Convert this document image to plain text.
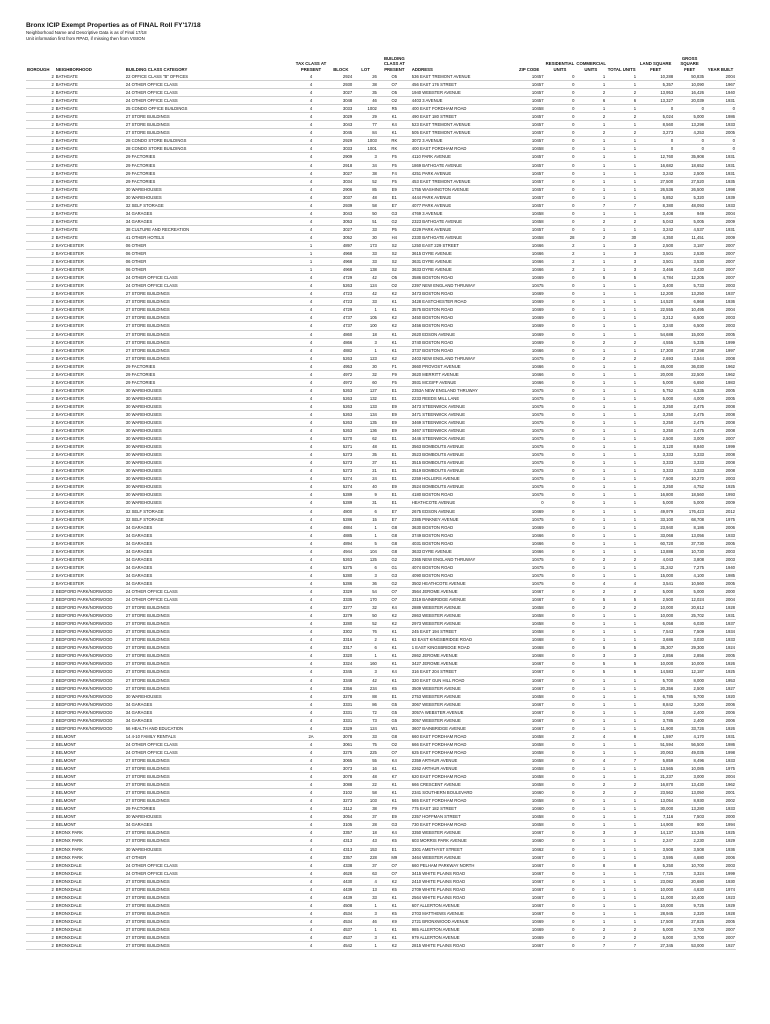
Bronx ICIP Exempt Properties as of FINAL Roll FY'17/18
Neighborhood Name and Descriptive Data is as of Final 17/18
Unit information first from RPAD, if missing then from VISION
BOROUGH	NEIGHBORHOOD	BUILDING CLASS CATEGORY	TAX CLASS AT PRESENT	BLOCK	LOT	BUILDING CLASS AT PRESENT	ADDRESS	ZIP CODE	RESIDENTIAL UNITS	COMMERCIAL UNITS	TOTAL UNITS	LAND SQUARE FEET	GROSS SQUARE FEET	YEAR BUILT
2	BATHGATE	22 OFFICE CLASS "B" OFFICES	4	2924	26	O5	536 EAST TREMONT AVENUE	10457	0	1	1	10,288	50,835	2004
2	BATHGATE	24 OTHER OFFICE CLASS	4	2930	38	O7	456 EAST 176 STREET	10457	0	1	1	5,357	10,090	1967
2	BATHGATE	24 OTHER OFFICE CLASS	4	3027	35	O5	1940 WEBSTER AVENUE	10457	0	2	2	13,953	16,426	1940
2	BATHGATE	24 OTHER OFFICE CLASS	4	3048	46	O2	4403 3 AVENUE	10457	0	6	6	13,327	20,039	1931
2	BATHGATE	25 CONDO OFFICE BUILDINGS	4	3033	1002	R5	400 EAST FORDHAM ROAD	10458	0	1	1	0	0	0
2	BATHGATE	27 STORE BUILDINGS	4	3029	29	K1	490 EAST 180 STREET	10457	0	2	2	5,024	5,000	1986
2	BATHGATE	27 STORE BUILDINGS	4	3043	77	K4	523 EAST TREMONT AVENUE	10457	0	1	1	8,560	13,298	1933
2	BATHGATE	27 STORE BUILDINGS	4	3045	84	K1	505 EAST TREMONT AVENUE	10457	0	2	2	3,273	4,253	2005
2	BATHGATE	28 CONDO STORE BUILDINGS	4	2929	1003	RK	3072 3 AVENUE	10457	0	1	1	0	0	0
2	BATHGATE	28 CONDO STORE BUILDINGS	4	3033	1001	RK	400 EAST FORDHAM ROAD	10458	0	1	1	0	0	0
2	BATHGATE	29 FACTORIES	4	2909	3	F5	4110 PARK AVENUE	10457	0	1	1	12,760	35,908	1931
2	BATHGATE	29 FACTORIES	4	2918	34	F5	1869 BATHGATE AVENUE	10457	0	1	1	16,682	18,652	1931
2	BATHGATE	29 FACTORIES	4	3027	38	F4	4251 PARK AVENUE	10457	0	1	1	3,242	2,500	1931
2	BATHGATE	29 FACTORIES	4	3034	52	F5	453 EAST TREMONT AVENUE	10457	0	1	1	27,500	27,520	1935
2	BATHGATE	30 WAREHOUSES	4	2906	85	E9	1755 WASHINGTON AVENUE	10457	0	1	1	26,536	26,500	1998
2	BATHGATE	30 WAREHOUSES	4	3037	48	E1	4444 PARK AVENUE	10457	0	1	1	5,852	5,320	1939
2	BATHGATE	32 SELF STORAGE	4	2939	58	E7	4077 PARK AVENUE	10457	0	7	7	8,380	48,093	1933
2	BATHGATE	34 GARAGES	4	3043	50	G3	4769 3 AVENUE	10458	0	1	1	3,408	949	2004
2	BATHGATE	34 GARAGES	4	3053	51	G2	2323 BATHGATE AVENUE	10458	0	2	2	5,043	5,005	2009
2	BATHGATE	38 CULTURE AND RECREATION	4	3027	33	P5	4229 PARK AVENUE	10457	0	1	1	3,242	4,537	1931
2	BATHGATE	41 OTHER HOTELS	4	3052	30	H4	2330 BATHGATE AVENUE	10458	28	2	30	4,350	11,451	2009
2	BAYCHESTER	06 OTHER	1	4897	173	S2	1250 EAST 229 STREET	10466	2	1	3	2,500	3,187	2007
2	BAYCHESTER	06 OTHER	1	4968	33	S2	3615 DYRE AVENUE	10466	2	1	3	3,501	2,530	2007
2	BAYCHESTER	06 OTHER	1	4968	33	S2	3631 DYRE AVENUE	10466	2	1	3	3,501	3,530	2007
2	BAYCHESTER	06 OTHER	1	4968	138	S2	3633 DYRE AVENUE	10466	2	1	3	3,466	3,430	2007
2	BAYCHESTER	24 OTHER OFFICE CLASS	4	4729	42	O5	3586 BOSTON ROAD	10469	0	5	5	4,784	12,205	2007
2	BAYCHESTER	24 OTHER OFFICE CLASS	4	5263	124	O2	2397 NEW ENGLAND THRUWAY	10475	0	1	1	3,400	5,733	2003
2	BAYCHESTER	27 STORE BUILDINGS	4	4723	42	K2	3473 BOSTON ROAD	10469	0	1	1	12,200	13,250	1937
2	BAYCHESTER	27 STORE BUILDINGS	4	4723	33	K1	3428 EASTCHESTER ROAD	10469	0	1	1	14,520	6,868	1936
2	BAYCHESTER	27 STORE BUILDINGS	4	4729	1	K1	3575 BOSTON ROAD	10469	0	1	1	22,555	10,495	2004
2	BAYCHESTER	27 STORE BUILDINGS	4	4737	105	K2	3450 BOSTON ROAD	10469	0	1	1	3,212	6,500	2003
2	BAYCHESTER	27 STORE BUILDINGS	4	4737	100	K2	3456 BOSTON ROAD	10469	0	1	1	3,240	6,500	2003
2	BAYCHESTER	27 STORE BUILDINGS	4	4860	18	K1	2620 EDSON AVENUE	10469	0	1	1	54,688	15,000	2005
2	BAYCHESTER	27 STORE BUILDINGS	4	4866	3	K1	3740 BOSTON ROAD	10469	0	2	2	4,555	5,335	1999
2	BAYCHESTER	27 STORE BUILDINGS	4	4882	1	K1	3737 BOSTON ROAD	10466	0	1	1	17,300	17,298	1997
2	BAYCHESTER	27 STORE BUILDINGS	4	5263	123	K2	2403 NEW ENGLAND THRUWAY	10475	0	2	2	2,693	3,544	2008
2	BAYCHESTER	29 FACTORIES	4	4953	30	F1	3660 PROVOST AVENUE	10466	0	1	1	45,000	36,030	1962
2	BAYCHESTER	29 FACTORIES	4	4972	32	F9	3620 MERRITT AVENUE	10466	0	1	1	20,000	22,500	1962
2	BAYCHESTER	29 FACTORIES	4	4972	60	F5	3931 MCGIFF AVENUE	10466	0	1	1	5,000	6,650	1983
2	BAYCHESTER	30 WAREHOUSES	4	5263	127	E1	2353A NEW ENGLAND THRUWAY	10475	0	1	1	5,752	6,335	2005
2	BAYCHESTER	30 WAREHOUSES	4	5263	132	E1	2233 REEDS MILL LANE	10475	0	1	1	5,000	4,000	2005
2	BAYCHESTER	30 WAREHOUSES	4	5263	133	E9	3473 STEENWICK AVENUE	10475	0	1	1	3,250	2,475	2008
2	BAYCHESTER	30 WAREHOUSES	4	5263	134	E9	3471 STEENWICK AVENUE	10475	0	1	1	3,250	2,475	2008
2	BAYCHESTER	30 WAREHOUSES	4	5263	135	E9	3469 STEENWICK AVENUE	10475	0	1	1	3,250	2,475	2008
2	BAYCHESTER	30 WAREHOUSES	4	5263	136	E9	3467 STEENWICK AVENUE	10475	0	1	1	3,250	2,475	2008
2	BAYCHESTER	30 WAREHOUSES	4	5270	62	E1	3446 STEENWICK AVENUE	10475	0	1	1	2,500	3,000	2007
2	BAYCHESTER	30 WAREHOUSES	4	5271	48	E1	3563 BOMBOUTS AVENUE	10475	0	1	1	3,120	8,840	1999
2	BAYCHESTER	30 WAREHOUSES	4	5273	35	E1	3523 BOMBOUTS AVENUE	10475	0	1	1	3,333	3,333	2008
2	BAYCHESTER	30 WAREHOUSES	4	5273	37	E1	3515 BOMBOUTS AVENUE	10475	0	1	1	3,333	3,333	2008
2	BAYCHESTER	30 WAREHOUSES	4	5273	21	E1	3519 BOMBOUTS AVENUE	10475	0	1	1	3,333	3,333	2008
2	BAYCHESTER	30 WAREHOUSES	4	5274	24	E1	2259 HOLLERS AVENUE	10475	0	1	1	7,500	10,270	2003
2	BAYCHESTER	30 WAREHOUSES	4	5274	40	E9	3524 BOMBOUTS AVENUE	10475	0	1	1	3,250	4,752	1925
2	BAYCHESTER	30 WAREHOUSES	4	5289	9	E1	4180 BOSTON ROAD	10475	0	1	1	16,800	18,560	1993
2	BAYCHESTER	30 WAREHOUSES	4	5289	31	E1	HEATHCOTE AVENUE	0	0	1	1	5,000	5,000	2009
2	BAYCHESTER	32 SELF STORAGE	4	4800	6	E7	2675 EDSON AVENUE	10469	0	1	1	49,979	176,423	2012
2	BAYCHESTER	32 SELF STORAGE	4	5286	15	E7	2385 PINKNEY AVENUE	10475	0	1	1	33,100	68,708	1975
2	BAYCHESTER	34 GARAGES	4	4884	1	G8	3630 BOSTON ROAD	10469	0	1	1	23,940	8,186	2006
2	BAYCHESTER	34 GARAGES	4	4885	1	G8	3749 BOSTON ROAD	10466	0	1	1	33,068	13,056	1933
2	BAYCHESTER	34 GARAGES	4	4894	5	G8	4031 BOSTON ROAD	10466	0	1	1	60,720	37,730	2005
2	BAYCHESTER	34 GARAGES	4	4944	104	G8	3633 DYRE AVENUE	10466	0	1	1	13,888	10,730	2003
2	BAYCHESTER	34 GARAGES	4	5263	125	G2	2365 NEW ENGLAND THRUWAY	10475	0	2	2	4,043	3,808	2003
2	BAYCHESTER	34 GARAGES	4	5275	6	G1	4074 BOSTON ROAD	10475	0	1	1	31,242	7,275	1940
2	BAYCHESTER	34 GARAGES	4	5280	3	G3	4090 BOSTON ROAD	10475	0	1	1	15,000	4,100	1985
2	BAYCHESTER	34 GARAGES	4	5286	36	G2	3502 HEATHCOTE AVENUE	10475	0	4	4	3,541	10,560	2005
2	BEDFORD PARK/NORWOOD	24 OTHER OFFICE CLASS	4	3329	54	O7	3564 JEROME AVENUE	10467	0	2	2	5,000	5,000	2000
2	BEDFORD PARK/NORWOOD	24 OTHER OFFICE CLASS	4	3335	170	O7	3319 BAINBRIDGE AVENUE	10467	0	5	5	2,500	12,024	2004
2	BEDFORD PARK/NORWOOD	27 STORE BUILDINGS	4	3277	32	K4	2889 WEBSTER AVENUE	10458	0	2	2	10,000	20,612	1928
2	BEDFORD PARK/NORWOOD	27 STORE BUILDINGS	4	3279	50	K2	2863 WEBSTER AVENUE	10458	0	1	1	10,000	25,702	1931
2	BEDFORD PARK/NORWOOD	27 STORE BUILDINGS	4	3280	52	K2	2973 WEBSTER AVENUE	10458	0	1	1	6,058	6,030	1937
2	BEDFORD PARK/NORWOOD	27 STORE BUILDINGS	4	3302	76	K1	245 EAST 194 STREET	10458	0	1	1	7,543	7,509	1934
2	BEDFORD PARK/NORWOOD	27 STORE BUILDINGS	4	3316	2	K1	63 EAST KINGSBRIDGE ROAD	10468	0	1	1	3,686	3,030	1933
2	BEDFORD PARK/NORWOOD	27 STORE BUILDINGS	4	3317	6	K1	1 EAST KINGSBRIDGE ROAD	10468	0	5	5	35,307	29,300	1924
2	BEDFORD PARK/NORWOOD	27 STORE BUILDINGS	4	3320	1	K1	2862 JEROME AVENUE	10468	0	3	3	2,856	2,856	2005
2	BEDFORD PARK/NORWOOD	27 STORE BUILDINGS	4	3324	160	K1	3427 JEROME AVENUE	10467	0	5	5	10,000	10,000	1926
2	BEDFORD PARK/NORWOOD	27 STORE BUILDINGS	4	3345	3	K4	316 EAST 204 STREET	10467	0	5	5	14,583	12,187	1925
2	BEDFORD PARK/NORWOOD	27 STORE BUILDINGS	4	3348	42	K1	320 EAST GUN HILL ROAD	10467	0	1	1	5,700	8,000	1953
2	BEDFORD PARK/NORWOOD	27 STORE BUILDINGS	4	3356	234	K5	3509 WEBSTER AVENUE	10467	0	1	1	20,356	2,500	1927
2	BEDFORD PARK/NORWOOD	30 WAREHOUSES	4	3278	88	E1	2753 WEBSTER AVENUE	10458	0	1	1	6,785	5,700	1920
2	BEDFORD PARK/NORWOOD	34 GARAGES	4	3331	86	G5	3067 WEBSTER AVENUE	10467	0	1	1	8,842	3,200	2006
2	BEDFORD PARK/NORWOOD	34 GARAGES	4	3331	72	G5	3057A WEBSTER AVENUE	10467	0	1	1	3,059	2,400	2006
2	BEDFORD PARK/NORWOOD	34 GARAGES	4	3331	73	G5	3057 WEBSTER AVENUE	10467	0	1	1	3,785	2,400	2006
2	BEDFORD PARK/NORWOOD	56 HEALTH AND EDUCATION	4	3329	124	W1	3607 BAINBRIDGE AVENUE	10467	0	1	1	11,900	33,726	1926
2	BELMONT	14 4-10 FAMILY RENTALS	2A	3078	33	G8	660 EAST FORDHAM ROAD	10458	2	4	6	1,597	4,170	1931
2	BELMONT	24 OTHER OFFICE CLASS	4	3061	75	O2	666 EAST FORDHAM ROAD	10458	0	1	1	51,594	56,500	1986
2	BELMONT	24 OTHER OFFICE CLASS	4	3275	225	O7	625 EAST FORDHAM ROAD	10458	0	1	1	20,063	49,035	1998
2	BELMONT	27 STORE BUILDINGS	4	3065	55	K4	2359 ARTHUR AVENUE	10458	0	4	7	5,859	8,496	1933
2	BELMONT	27 STORE BUILDINGS	4	3073	16	K1	2262 ARTHUR AVENUE	10458	0	1	1	13,565	10,085	1975
2	BELMONT	27 STORE BUILDINGS	4	3078	48	K7	620 EAST FORDHAM ROAD	10458	0	1	1	21,237	3,000	2004
2	BELMONT	27 STORE BUILDINGS	4	3088	22	K1	666 CRESCENT AVENUE	10458	0	2	2	16,870	13,430	1962
2	BELMONT	27 STORE BUILDINGS	4	3102	58	K1	2341 SOUTHERN BOULEVARD	10460	0	2	2	23,562	13,050	2001
2	BELMONT	27 STORE BUILDINGS	4	3273	103	K1	565 EAST FORDHAM ROAD	10458	0	1	1	13,054	8,930	2002
2	BELMONT	29 FACTORIES	4	3112	38	F9	775 EAST 182 STREET	10460	0	1	1	30,000	13,280	1933
2	BELMONT	30 WAREHOUSES	4	3054	37	E9	2357 HOFFMAN STREET	10458	0	1	1	7,116	7,503	2000
2	BELMONT	34 GARAGES	4	3105	28	G3	730 EAST FORDHAM ROAD	10458	0	1	1	14,900	800	1994
2	BRONX PARK	27 STORE BUILDINGS	4	3357	18	K4	3350 WEBSTER AVENUE	10467	0	3	3	14,137	13,345	1925
2	BRONX PARK	27 STORE BUILDINGS	4	4313	43	K5	603 MORRIS PARK AVENUE	10460	0	1	1	2,247	2,230	1929
2	BRONX PARK	30 WAREHOUSES	4	4313	153	E1	3301 AMETHYST STREET	10462	0	1	1	3,508	3,508	1936
2	BRONX PARK	47 OTHER	4	3357	228	M9	3464 WEBSTER AVENUE	10467	0	1	1	3,595	4,680	2006
2	BRONXDALE	24 OTHER OFFICE CLASS	4	4338	37	O7	660 PELHAM PARKWAY NORTH	10467	0	8	8	5,250	10,700	2003
2	BRONXDALE	24 OTHER OFFICE CLASS	4	4628	63	O7	3415 WHITE PLAINS ROAD	10467	0	1	1	7,725	3,324	1999
2	BRONXDALE	27 STORE BUILDINGS	4	4430	4	K2	2410 WHITE PLAINS ROAD	10467	0	1	1	23,082	20,680	1930
2	BRONXDALE	27 STORE BUILDINGS	4	4439	13	K5	2709 WHITE PLAINS ROAD	10467	0	1	1	10,000	4,630	1974
2	BRONXDALE	27 STORE BUILDINGS	4	4439	33	K1	2564 WHITE PLAINS ROAD	10467	0	1	1	11,000	10,400	1923
2	BRONXDALE	27 STORE BUILDINGS	4	4508	1	K1	607 ALLERTON AVENUE	10467	0	1	1	10,000	9,725	1929
2	BRONXDALE	27 STORE BUILDINGS	4	4534	3	K5	2703 MATTHEWS AVENUE	10467	0	1	1	28,945	2,320	1928
2	BRONXDALE	27 STORE BUILDINGS	4	4534	46	K9	2721 BRONXWOOD AVENUE	10469	0	1	1	17,500	27,825	2005
2	BRONXDALE	27 STORE BUILDINGS	4	4537	1	K1	985 ALLERTON AVENUE	10469	0	2	2	5,000	3,700	2007
2	BRONXDALE	27 STORE BUILDINGS	4	4537	3	K1	979 ALLERTON AVENUE	10469	0	2	2	5,000	3,700	2007
2	BRONXDALE	27 STORE BUILDINGS	4	4542	1	K2	2815 WHITE PLAINS ROAD	10467	0	7	7	27,345	53,000	1927
